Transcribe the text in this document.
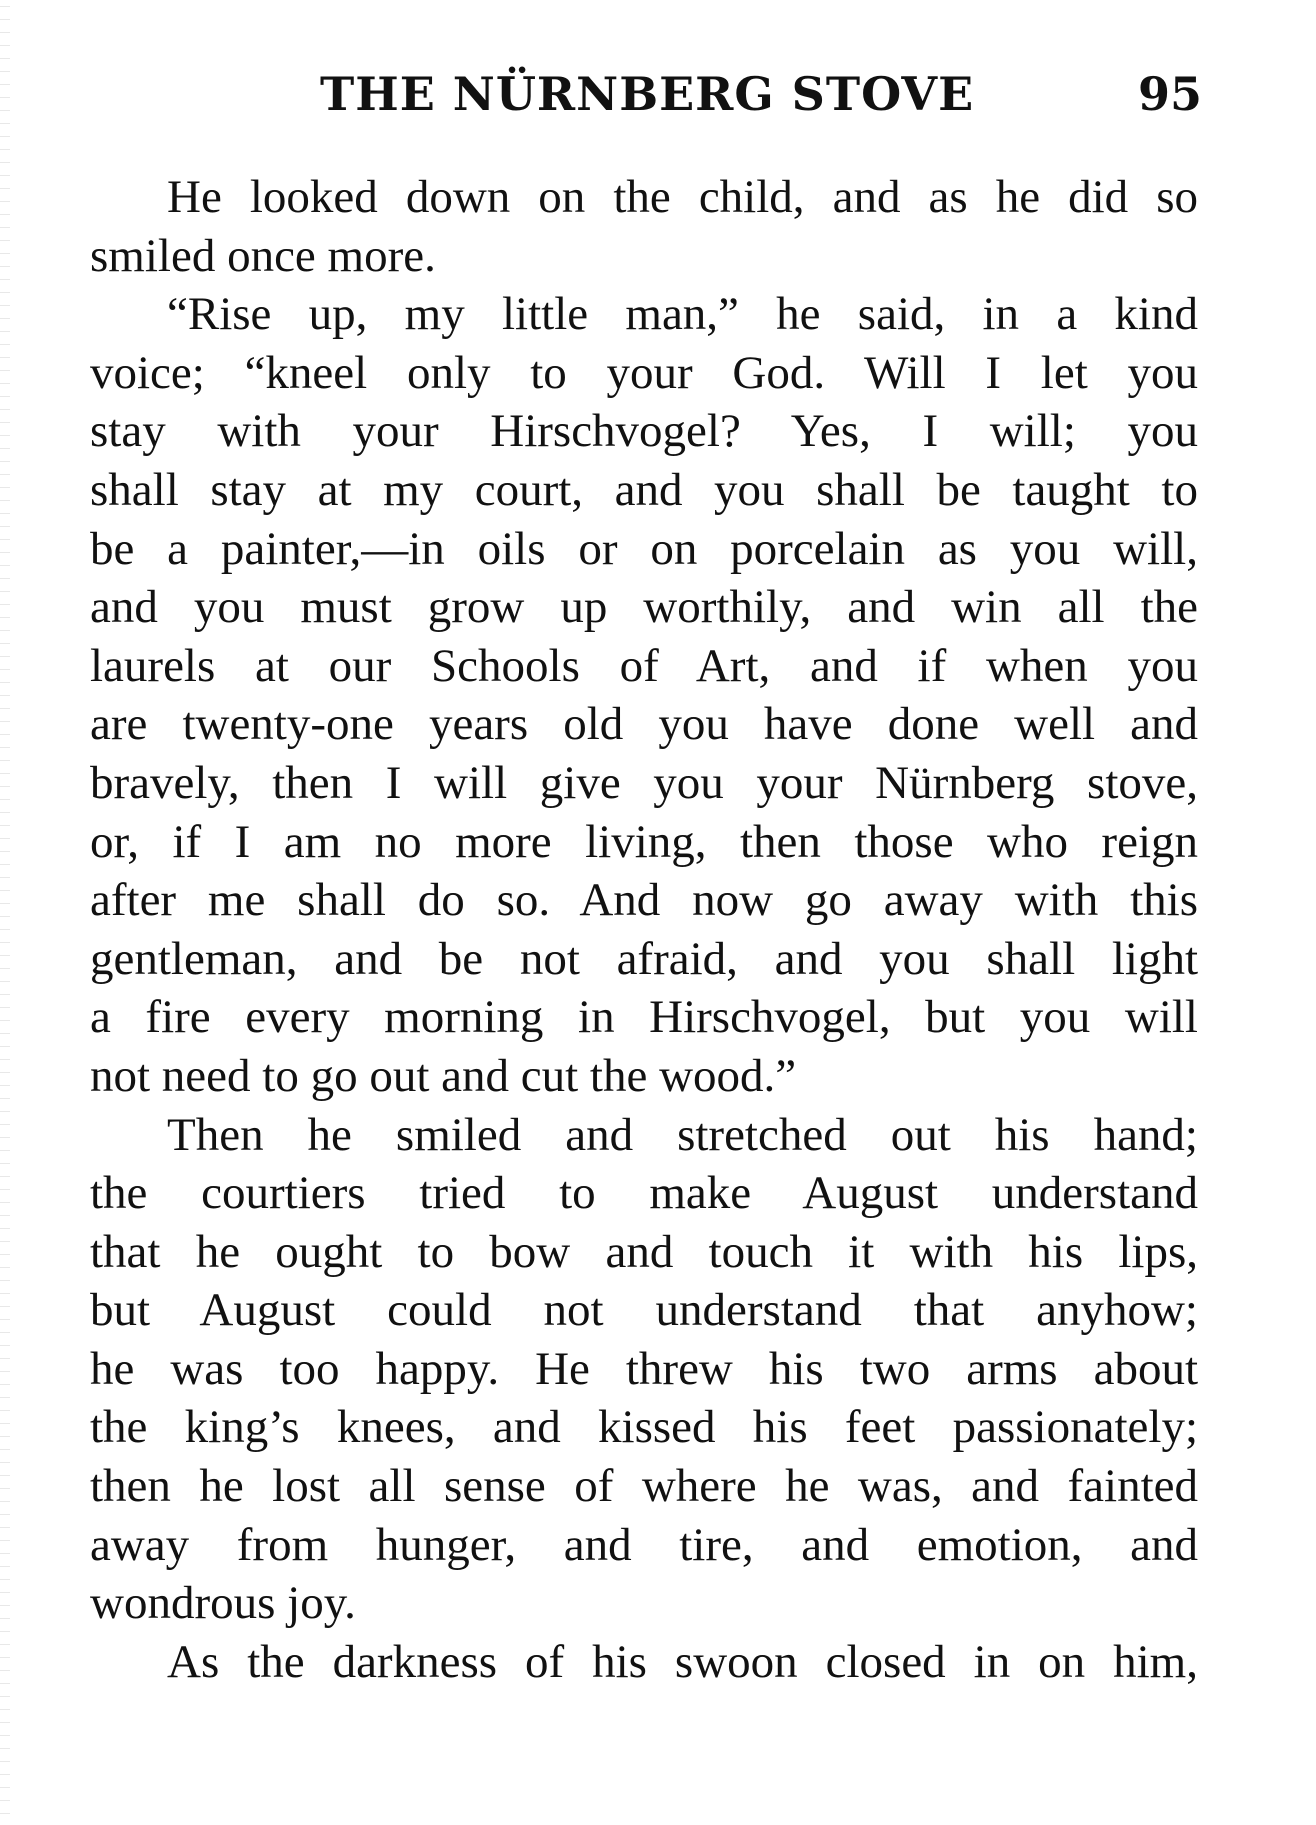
THE NÜRNBERG STOVE	95
He looked down on the child, and as he did so
smiled once more.
“Rise up, my little man,” he said, in a kind
voice; “kneel only to your God. Will I let you
stay with your Hirschvogel? Yes, I will; you
shall stay at my court, and you shall be taught to
be a painter,—in oils or on porcelain as you will,
and you must grow up worthily, and win all the
laurels at our Schools of Art, and if when you
are twenty-one years old you have done well and
bravely, then I will give you your Nürnberg stove,
or, if I am no more living, then those who reign
after me shall do so. And now go away with this
gentleman, and be not afraid, and you shall light
a fire every morning in Hirschvogel, but you will
not need to go out and cut the wood.”
Then he smiled and stretched out his hand;
the courtiers tried to make August understand
that he ought to bow and touch it with his lips,
but August could not understand that anyhow;
he was too happy. He threw his two arms about
the king’s knees, and kissed his feet passionately;
then he lost all sense of where he was, and fainted
away from hunger, and tire, and emotion, and
wondrous joy.
As the darkness of his swoon closed in on him,
